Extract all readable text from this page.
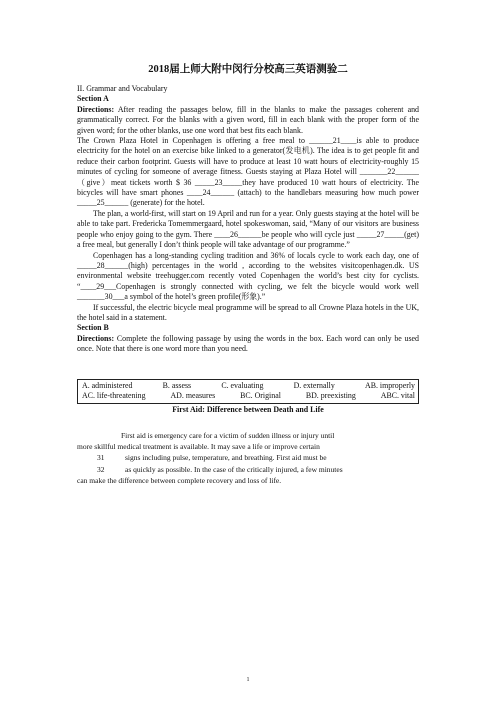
2018届上师大附中闵行分校高三英语测验二

II. Grammar and Vocabulary

Section A

Directions: After reading the passages below, fill in the blanks to make the passages coherent and grammatically correct. For the blanks with a given word, fill in each blank with the proper form of the given word; for the other blanks, use one word that best fits each blank.

The Crown Plaza Hotel in Copenhagen is offering a free meal to ______21____is able to produce electricity for the hotel on an exercise bike linked to a generator(发电机). The idea is to get people fit and reduce their carbon footprint. Guests will have to produce at least 10 watt hours of electricity-roughly 15 minutes of cycling for someone of average fitness. Guests staying at Plaza Hotel will _______22______（give）meat tickets worth $ 36 _____23_____they have produced 10 watt hours of electricity. The bicycles will have smart phones ____24______ (attach) to the handlebars measuring how much power _____25______ (generate) for the hotel.

The plan, a world-first, will start on 19 April and run for a year. Only guests staying at the hotel will be able to take part. Fredericka Tomemmergaard, hotel spokeswoman, said, “Many of our visitors are business people who enjoy going to the gym. There ____26______be people who will cycle just _____27_____(get) a free meal, but generally I don’t think people will take advantage of our programme.”

Copenhagen has a long-standing cycling tradition and 36% of locals cycle to work each day, one of _____28______(high) percentages in the world , according to the websites visitcopenhagen.dk. US environmental website treehugger.com recently voted Copenhagen the world’s best city for cyclists. “____29___Copenhagen is strongly connected with cycling, we felt the bicycle would work well _______30___a symbol of the hotel’s green profile(形象).”

If successful, the electric bicycle meal programme will be spread to all Crowne Plaza hotels in the UK, the hotel said in a statement.

Section B

Directions: Complete the following passage by using the words in the box. Each word can only be used once. Note that there is one word more than you need.

A. administered	B. assess	C. evaluating	D. externally	AB. improperly
AC. life-threatening	AD. measures	BC. Original	BD. preexisting	ABC. vital

First Aid: Difference between Death and Life

First aid is emergency care for a victim of sudden illness or injury until
more skillful medical treatment is available. It may save a life or improve certain
31	signs including pulse, temperature, and breathing. First aid must be
32	as quickly as possible. In the case of the critically injured, a few minutes
can make the difference between complete recovery and loss of life.
1
